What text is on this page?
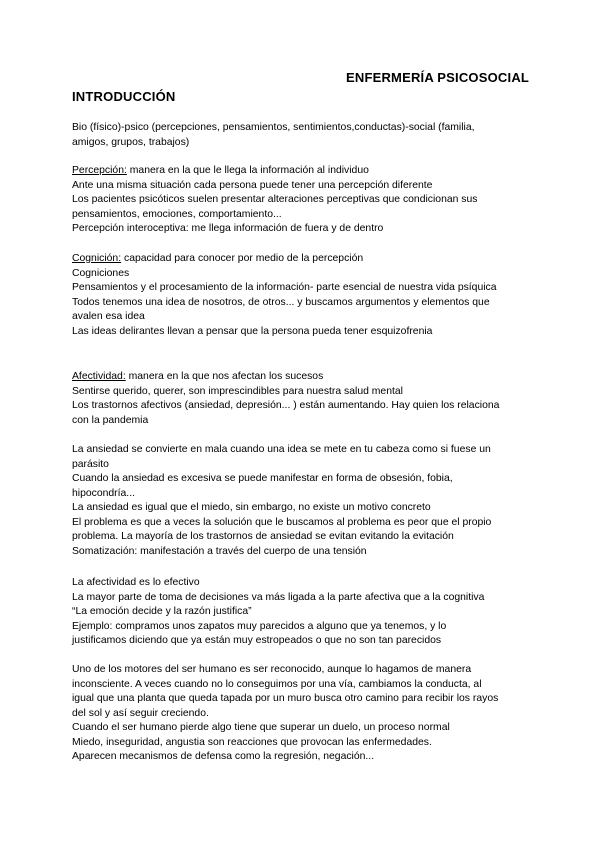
ENFERMERÍA PSICOSOCIAL
INTRODUCCIÓN
Bio (físico)-psico (percepciones, pensamientos, sentimientos,conductas)-social (familia,
amigos, grupos, trabajos)
Percepción: manera en la que le llega la información al individuo
Ante una misma situación cada persona puede tener una percepción diferente
Los pacientes psicóticos suelen presentar alteraciones perceptivas que condicionan sus
pensamientos, emociones, comportamiento...
Percepción interoceptiva: me llega información de fuera y de dentro
Cognición: capacidad para conocer por medio de la percepción
Cogniciones
Pensamientos y el procesamiento de la información- parte esencial de nuestra vida psíquica
Todos tenemos una idea de nosotros, de otros... y buscamos argumentos y elementos que
avalen esa idea
Las ideas delirantes llevan a pensar que la persona pueda tener esquizofrenia
Afectividad: manera en la que nos afectan los sucesos
Sentirse querido, querer, son imprescindibles para nuestra salud mental
Los trastornos afectivos (ansiedad, depresión... ) están aumentando. Hay quien los relaciona
con la pandemia
La ansiedad se convierte en mala cuando una idea se mete en tu cabeza como si fuese un
parásito
Cuando la ansiedad es excesiva se puede manifestar en forma de obsesión, fobia,
hipocondría...
La ansiedad es igual que el miedo, sin embargo, no existe un motivo concreto
El problema es que a veces la solución que le buscamos al problema es peor que el propio
problema. La mayoría de los trastornos de ansiedad se evitan evitando la evitación
Somatización: manifestación a través del cuerpo de una tensión
La afectividad es lo efectivo
La mayor parte de toma de decisiones va más ligada a la parte afectiva que a la cognitiva
“La emoción decide y la razón justifica”
Ejemplo: compramos unos zapatos muy parecidos a alguno que ya tenemos, y lo
justificamos diciendo que ya están muy estropeados o que no son tan parecidos
Uno de los motores del ser humano es ser reconocido, aunque lo hagamos de manera
inconsciente. A veces cuando no lo conseguimos por una vía, cambiamos la conducta, al
igual que una planta que queda tapada por un muro busca otro camino para recibir los rayos
del sol y así seguir creciendo.
Cuando el ser humano pierde algo tiene que superar un duelo, un proceso normal
Miedo, inseguridad, angustia son reacciones que provocan las enfermedades.
Aparecen mecanismos de defensa como la regresión, negación...
